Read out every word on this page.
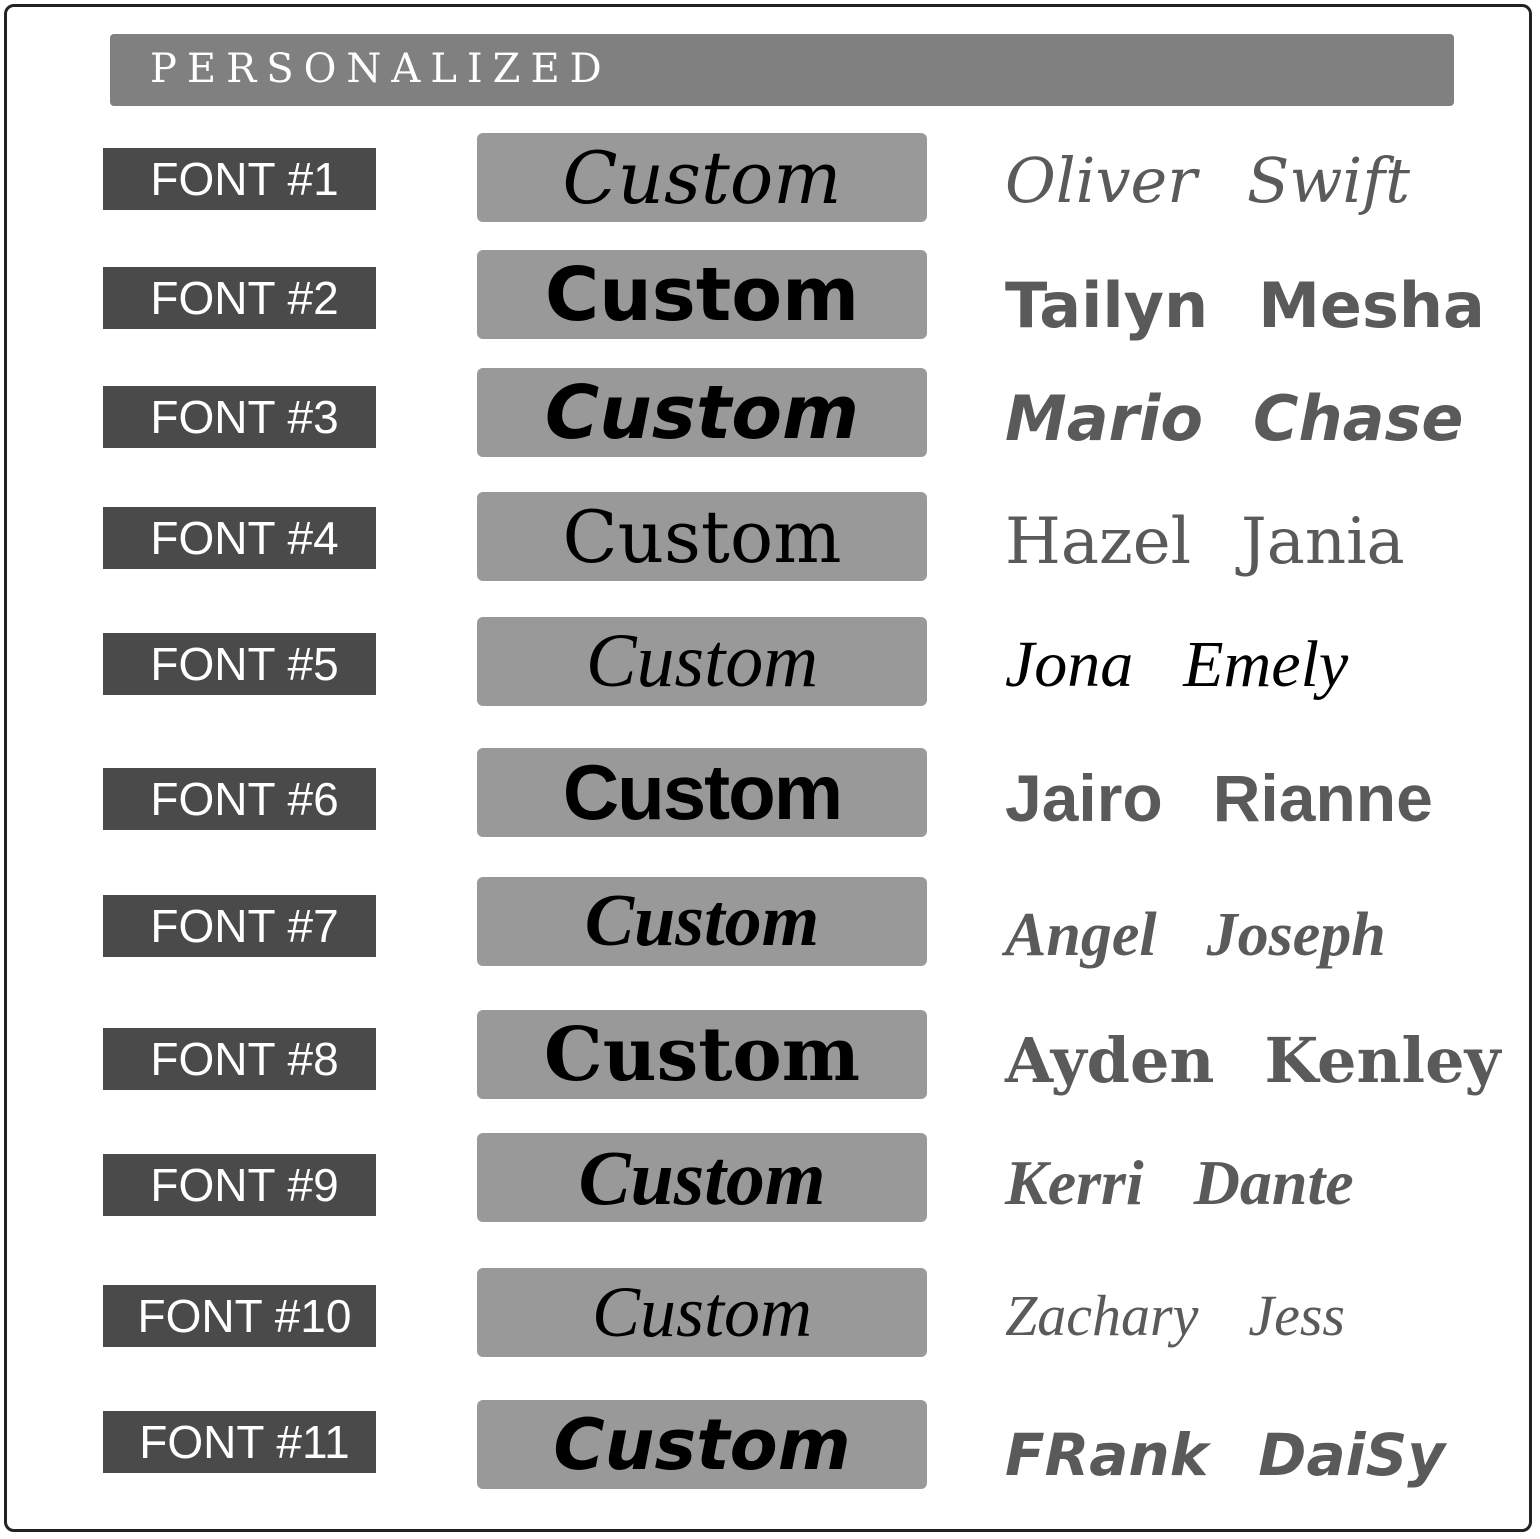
PERSONALIZED
FONT #1	Custom	Oliver Swift
FONT #2	Custom	Tailyn Mesha
FONT #3	Custom	Mario Chase
FONT #4	Custom	Hazel Jania
FONT #5	Custom	Jona Emely
FONT #6	Custom	Jairo Rianne
FONT #7	Custom	Angel Joseph
FONT #8	Custom	Ayden Kenley
FONT #9	Custom	Kerri Dante
FONT #10	Custom	Zachary Jess
FONT #11	Custom	FRank DaiSy
